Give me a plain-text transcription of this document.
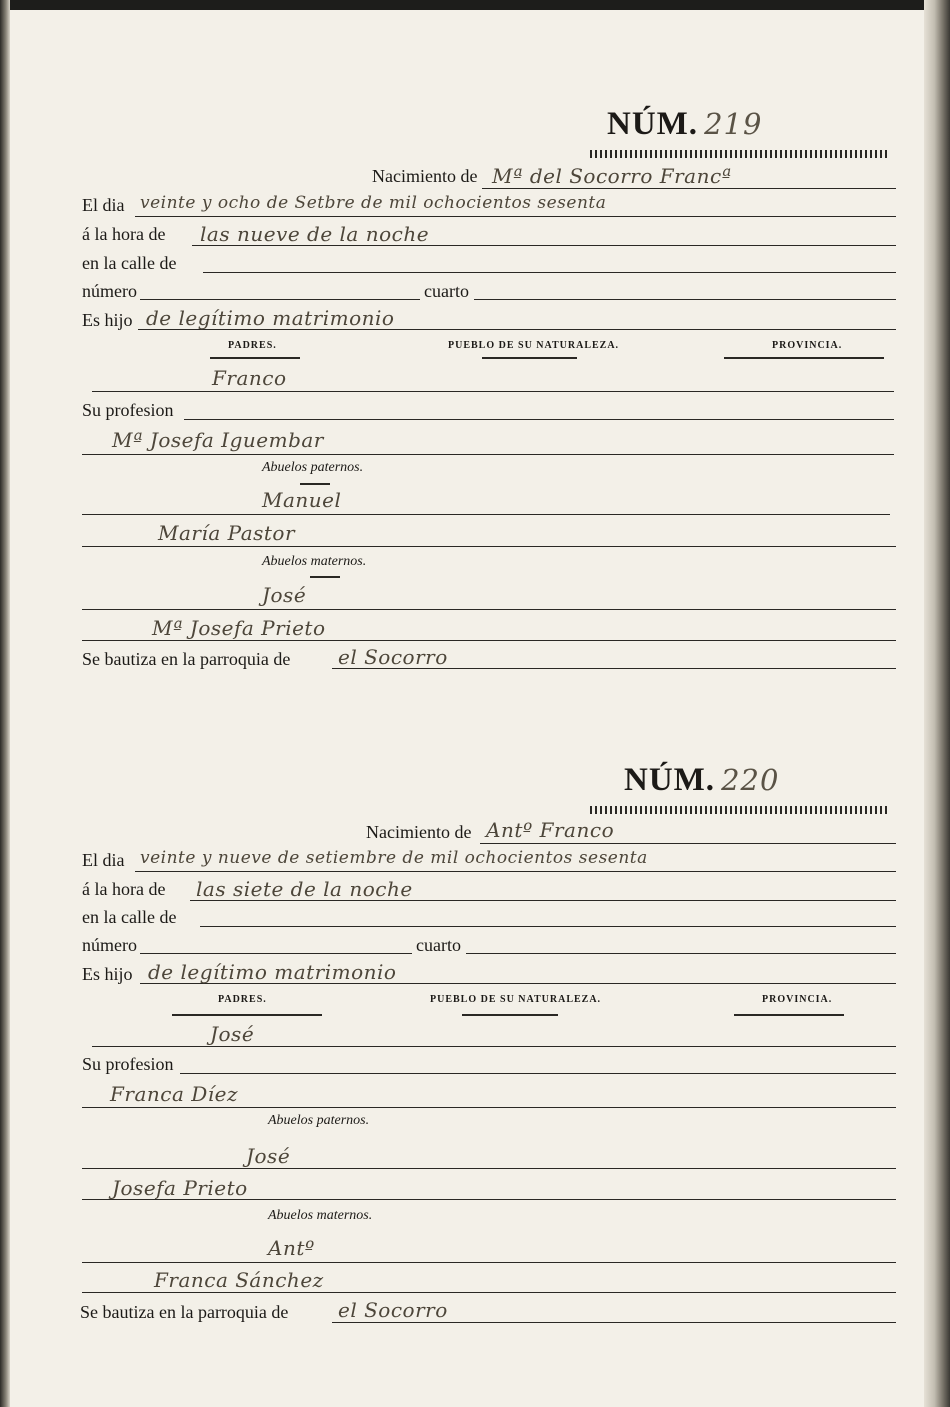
NÚM. 219
Nacimiento de Mª del Socorro Francª
El dia veinte y ocho de Setbre de mil ochocientos sesenta
á la hora de las nueve de la noche
en la calle de
número	cuarto
Es hijo de legítimo matrimonio
PADRES.	PUEBLO DE SU NATURALEZA.	PROVINCIA.
Franco
Su profesion
Mª Josefa Iguembar
Abuelos paternos.
Manuel
María Pastor
Abuelos maternos.
José
Mª Josefa Prieto
Se bautiza en la parroquia de el Socorro
NÚM. 220
Nacimiento de Antº Franco
El dia veinte y nueve de setiembre de mil ochocientos sesenta
á la hora de las siete de la noche
en la calle de
número	cuarto
Es hijo de legítimo matrimonio
PADRES.	PUEBLO DE SU NATURALEZA.	PROVINCIA.
José
Su profesion
Franca Díez
Abuelos paternos.
José
Josefa Prieto
Abuelos maternos.
Antº
Franca Sánchez
Se bautiza en la parroquia de el Socorro
